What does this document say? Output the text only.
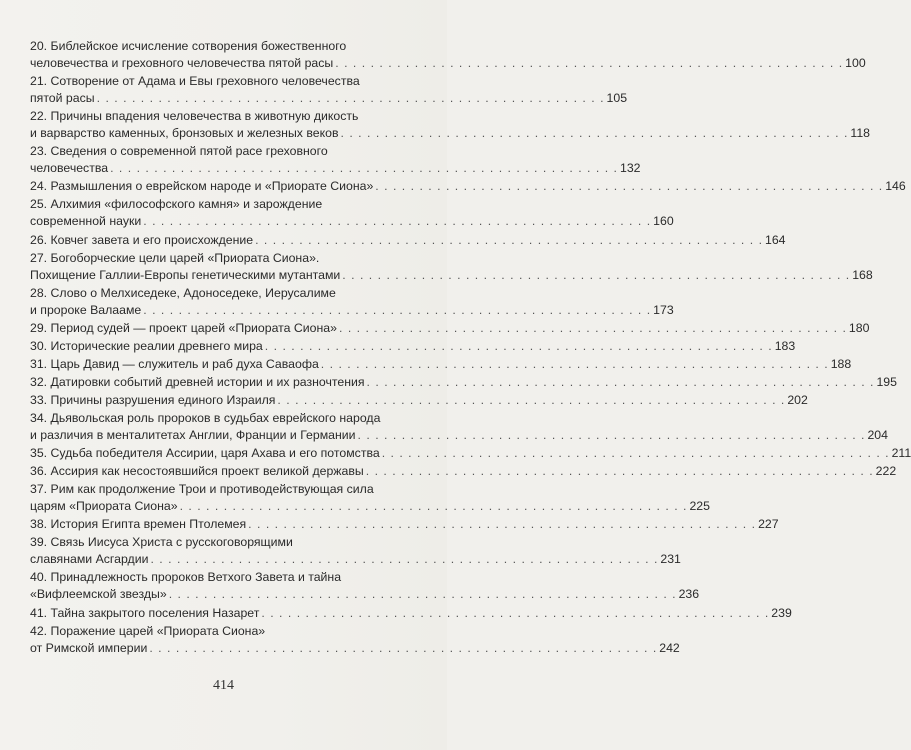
20. Библейское исчисление сотворения божественного
человечества и греховного человечества пятой расы . . .	100
21. Сотворение от Адама и Евы греховного человечества
пятой расы . . .	105
22. Причины впадения человечества в животную дикость
и варварство каменных, бронзовых и железных веков . . .	118
23. Сведения о современной пятой расе греховного
человечества . . .	132
24. Размышления о еврейском народе и «Приорате Сиона» . . .	146
25. Алхимия «философского камня» и зарождение
современной науки . . .	160
26. Ковчег завета и его происхождение . . .	164
27. Богоборческие цели царей «Приората Сиона».
Похищение Галлии-Европы генетическими мутантами . . .	168
28. Слово о Мелхиседеке, Адоноседеке, Иерусалиме
и пророке Валааме . . .	173
29. Период судей — проект царей «Приората Сиона» . . .	180
30. Исторические реалии древнего мира . . .	183
31. Царь Давид — служитель и раб духа Саваофа . . .	188
32. Датировки событий древней истории и их разночтения . . .	195
33. Причины разрушения единого Израиля . . .	202
34. Дьявольская роль пророков в судьбах еврейского народа
и различия в менталитетах Англии, Франции и Германии . . .	204
35. Судьба победителя Ассирии, царя Ахава и его потомства . . .	211
36. Ассирия как несостоявшийся проект великой державы . . .	222
37. Рим как продолжение Трои и противодействующая сила
царям «Приората Сиона» . . .	225
38. История Египта времен Птолемея . . .	227
39. Связь Иисуса Христа с русскоговорящими
славянами Асгардии . . .	231
40. Принадлежность пророков Ветхого Завета и тайна
«Вифлеемской звезды» . . .	236
41. Тайна закрытого поселения Назарет . . .	239
42. Поражение царей «Приората Сиона»
от Римской империи . . .	242
414
